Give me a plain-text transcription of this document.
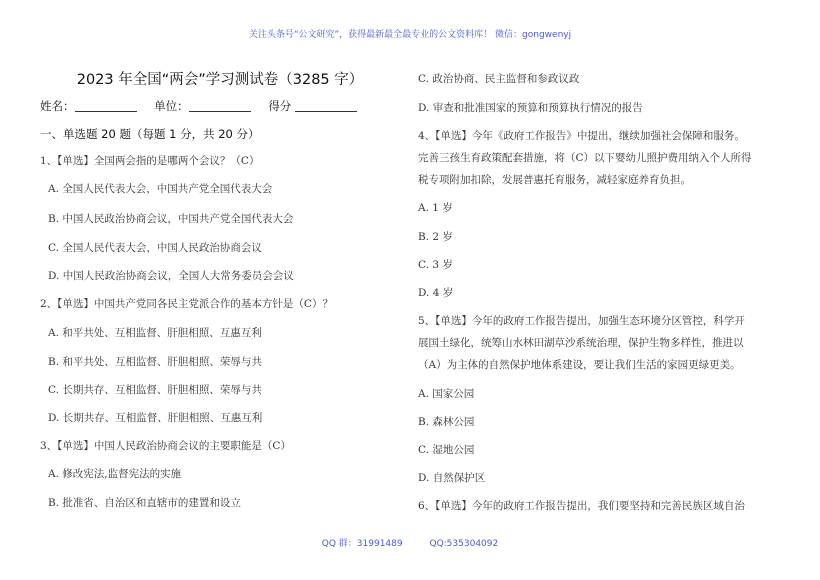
关注头条号“公文研究”，获得最新最全最专业的公文资料库！ 微信：gongwenyj
2023 年全国“两会”学习测试卷（3285 字）
姓名：	单位：	得分
一、单选题 20 题（每题 1 分，共 20 分）
1、【单选】全国两会指的是哪两个会议？（C）
A. 全国人民代表大会，中国共产党全国代表大会
B. 中国人民政治协商会议，中国共产党全国代表大会
C. 全国人民代表大会，中国人民政治协商会议
D. 中国人民政治协商会议，全国人大常务委员会会议
2、【单选】中国共产党同各民主党派合作的基本方针是（C）？
A. 和平共处、互相监督、肝胆相照、互惠互利
B. 和平共处、互相监督、肝胆相照、荣辱与共
C. 长期共存、互相监督、肝胆相照、荣辱与共
D. 长期共存、互相监督、肝胆相照、互惠互利
3、【单选】中国人民政治协商会议的主要职能是（C）
A. 修改宪法,监督宪法的实施
B. 批准省、自治区和直辖市的建置和设立
C. 政治协商、民主监督和参政议政
D. 审查和批准国家的预算和预算执行情况的报告
4、【单选】今年《政府工作报告》中提出，继续加强社会保障和服务。
完善三孩生育政策配套措施，将（C）以下婴幼儿照护费用纳入个人所得
税专项附加扣除，发展普惠托育服务，减轻家庭养育负担。
A. 1 岁
B. 2 岁
C. 3 岁
D. 4 岁
5、【单选】今年的政府工作报告提出，加强生态环境分区管控，科学开
展国土绿化，统筹山水林田湖草沙系统治理，保护生物多样性，推进以
（A）为主体的自然保护地体系建设，要让我们生活的家园更绿更美。
A. 国家公园
B. 森林公园
C. 湿地公园
D. 自然保护区
6、【单选】今年的政府工作报告提出，我们要坚持和完善民族区域自治
QQ 群：31991489	QQ:535304092
